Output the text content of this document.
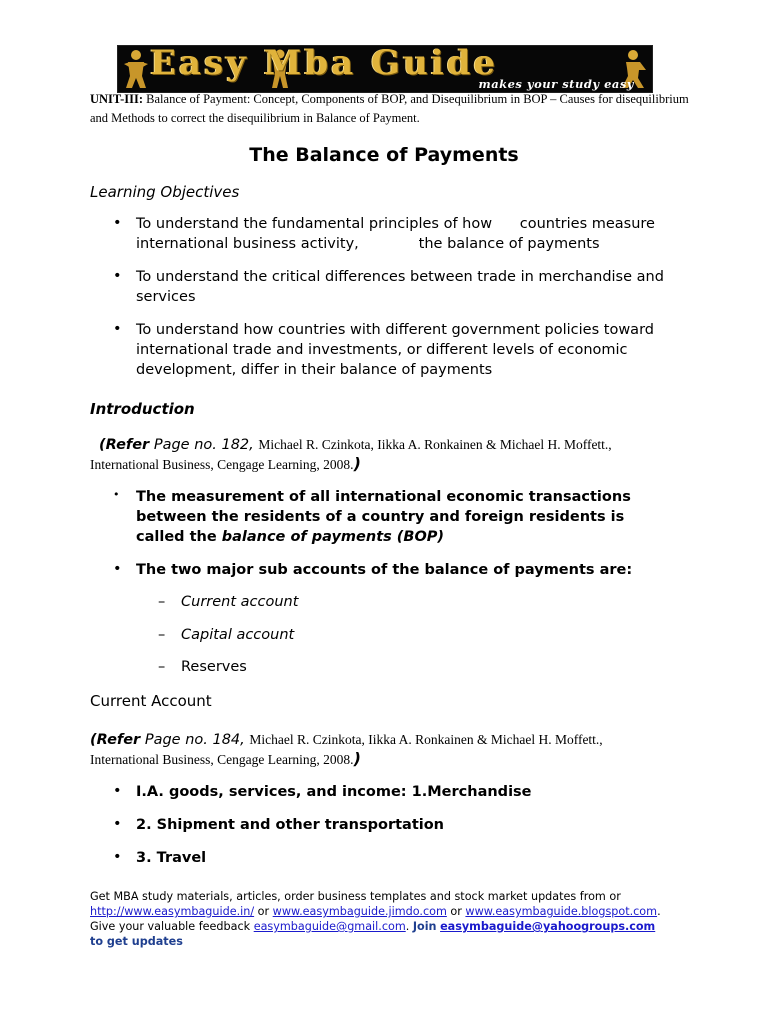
Easy Mba Guide
makes your study easy
UNIT-III: Balance of Payment: Concept, Components of BOP, and Disequilibrium in BOP – Causes for disequilibrium and Methods to correct the disequilibrium in Balance of Payment.
The Balance of Payments
Learning Objectives
• To understand the fundamental principles of how      countries measure
international business activity,             the balance of payments
• To understand the critical differences between trade in merchandise and
services
• To understand how countries with different government policies toward
international trade and investments, or different levels of economic
development, differ in their balance of payments
Introduction
(Refer Page no. 182, Michael R. Czinkota, Iikka A. Ronkainen & Michael H. Moffett.,
International Business, Cengage Learning, 2008.)
• The measurement of all international economic transactions
between the residents of a country and foreign residents is
called the balance of payments (BOP)
• The two major sub accounts of the balance of payments are:
– Current account
– Capital account
– Reserves
Current Account
(Refer Page no. 184, Michael R. Czinkota, Iikka A. Ronkainen & Michael H. Moffett.,
International Business, Cengage Learning, 2008.)
• I.A. goods, services, and income: 1.Merchandise
• 2. Shipment and other transportation
• 3. Travel
Get MBA study materials, articles, order business templates and stock market updates from or
http://www.easymbaguide.in/ or www.easymbaguide.jimdo.com or www.easymbaguide.blogspot.com.
Give your valuable feedback easymbaguide@gmail.com. Join easymbaguide@yahoogroups.com
to get updates
